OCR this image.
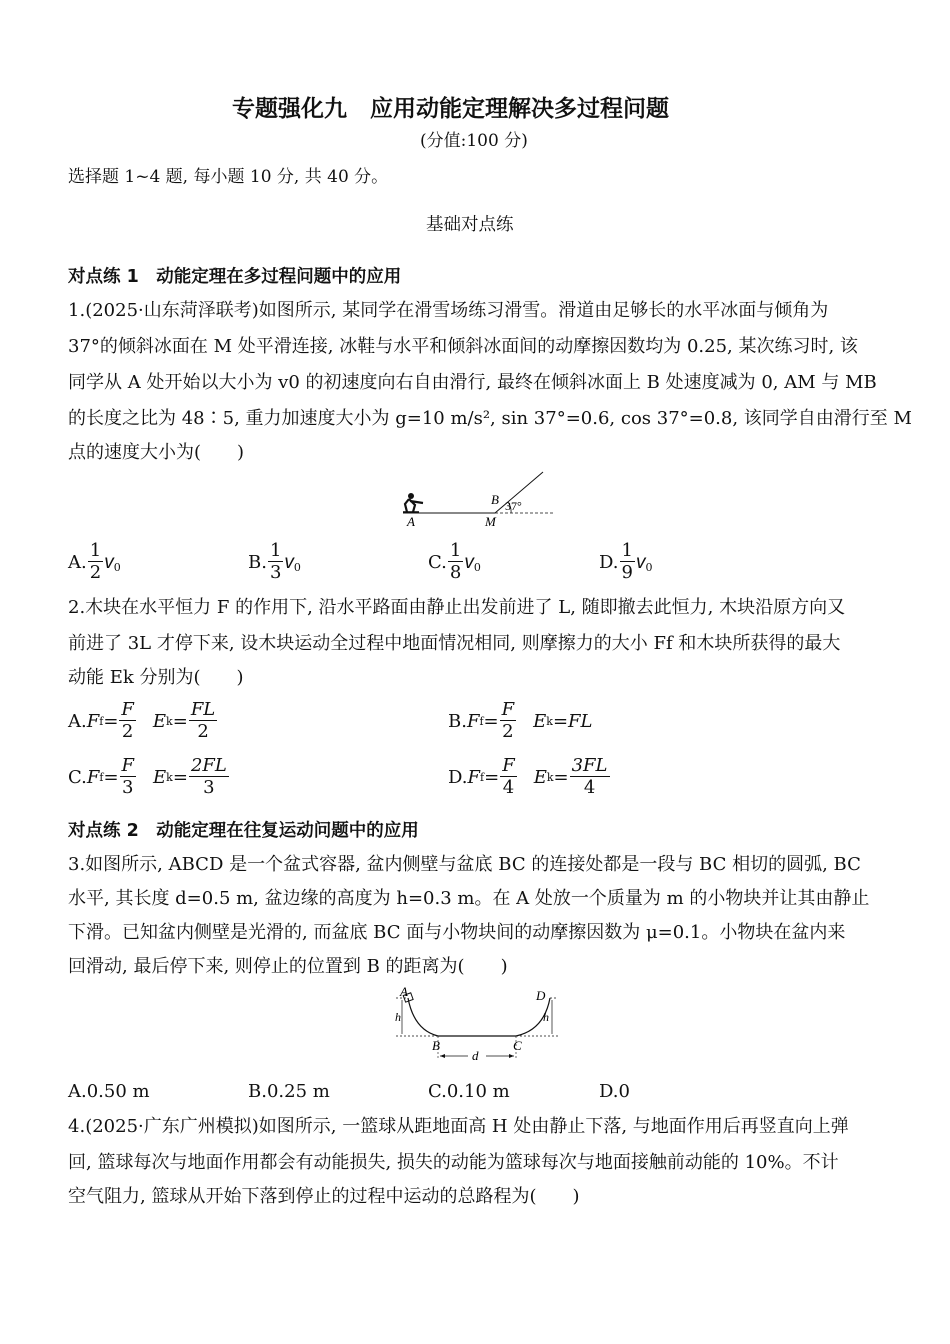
专题强化九　应用动能定理解决多过程问题
(分值:100 分)
选择题 1~4 题, 每小题 10 分, 共 40 分。
基础对点练
对点练 1　动能定理在多过程问题中的应用
1.(2025·山东菏泽联考)如图所示, 某同学在滑雪场练习滑雪。滑道由足够长的水平冰面与倾角为
37°的倾斜冰面在 M 处平滑连接, 冰鞋与水平和倾斜冰面间的动摩擦因数均为 0.25, 某次练习时, 该
同学从 A 处开始以大小为 v0 的初速度向右自由滑行, 最终在倾斜冰面上 B 处速度减为 0, AM 与 MB
的长度之比为 48∶5, 重力加速度大小为 g=10 m/s², sin 37°=0.6, cos 37°=0.8, 该同学自由滑行至 M
点的速度大小为(　　)
A	M
B 37°
A. $\frac{1}{2} v_0$	B. $\frac{1}{3} v_0$	C. $\frac{1}{8} v_0$	D. $\frac{1}{9} v_0$
2.木块在水平恒力 F 的作用下, 沿水平路面由静止出发前进了 L, 随即撤去此恒力, 木块沿原方向又
前进了 3L 才停下来, 设木块运动全过程中地面情况相同, 则摩擦力的大小 Ff 和木块所获得的最大
动能 Ek 分别为(　　)
A. F $f = \frac{F}{2}$ E $k = \frac{FL}{2}$	B. F $f = \frac{F}{2}$ E k = FL
C. F $f = \frac{F}{3}$ E $k = \frac{2FL}{3}$	D. F $f = \frac{F}{4}$ E $k = \frac{3FL}{4}$
对点练 2　动能定理在往复运动问题中的应用
3.如图所示, ABCD 是一个盆式容器, 盆内侧壁与盆底 BC 的连接处都是一段与 BC 相切的圆弧, BC
水平, 其长度 d=0.5 m, 盆边缘的高度为 h=0.3 m。在 A 处放一个质量为 m 的小物块并让其由静止
下滑。已知盆内侧壁是光滑的, 而盆底 BC 面与小物块间的动摩擦因数为 μ=0.1。小物块在盆内来
回滑动, 最后停下来, 则停止的位置到 B 的距离为(　　)
A	D
h	h
B	C
d
A.0.50 m	B.0.25 m	C.0.10 m	D.0
4.(2025·广东广州模拟)如图所示, 一篮球从距地面高 H 处由静止下落, 与地面作用后再竖直向上弹
回, 篮球每次与地面作用都会有动能损失, 损失的动能为篮球每次与地面接触前动能的 10%。不计
空气阻力, 篮球从开始下落到停止的过程中运动的总路程为(　　)
